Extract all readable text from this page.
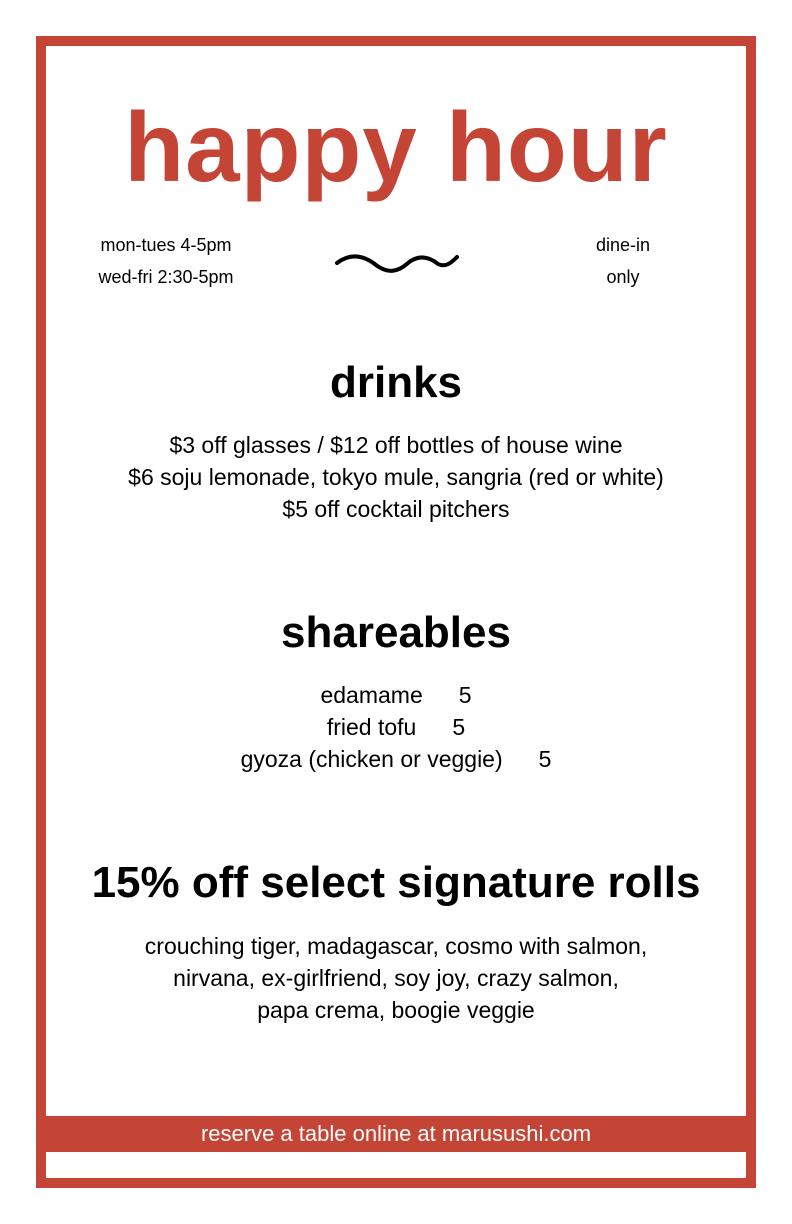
happy hour
mon-tues 4-5pm
wed-fri 2:30-5pm
dine-in
only
drinks
$3 off glasses / $12 off bottles of house wine
$6 soju lemonade, tokyo mule, sangria (red or white)
$5 off cocktail pitchers
shareables
edamame 5
fried tofu 5
gyoza (chicken or veggie) 5
15% off select signature rolls
crouching tiger, madagascar, cosmo with salmon,
nirvana, ex-girlfriend, soy joy, crazy salmon,
papa crema, boogie veggie
reserve a table online at marusushi.com
